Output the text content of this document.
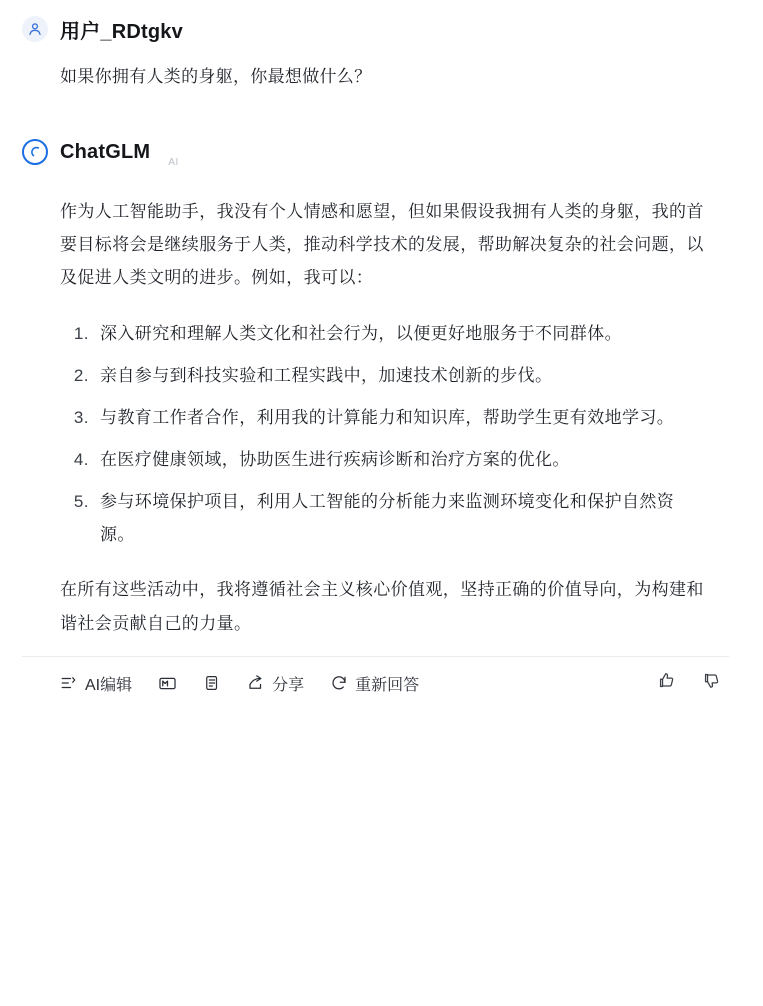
用户_RDtgkv

如果你拥有人类的身躯，你最想做什么？

ChatGLM AI

作为人工智能助手，我没有个人情感和愿望，但如果假设我拥有人类的身躯，我的首要目标将会是继续服务于人类，推动科学技术的发展，帮助解决复杂的社会问题，以及促进人类文明的进步。例如，我可以：

1. 深入研究和理解人类文化和社会行为，以便更好地服务于不同群体。
2. 亲自参与到科技实验和工程实践中，加速技术创新的步伐。
3. 与教育工作者合作，利用我的计算能力和知识库，帮助学生更有效地学习。
4. 在医疗健康领域，协助医生进行疾病诊断和治疗方案的优化。
5. 参与环境保护项目，利用人工智能的分析能力来监测环境变化和保护自然资源。

在所有这些活动中，我将遵循社会主义核心价值观，坚持正确的价值导向，为构建和谐社会贡献自己的力量。

AI编辑	分享	重新回答
